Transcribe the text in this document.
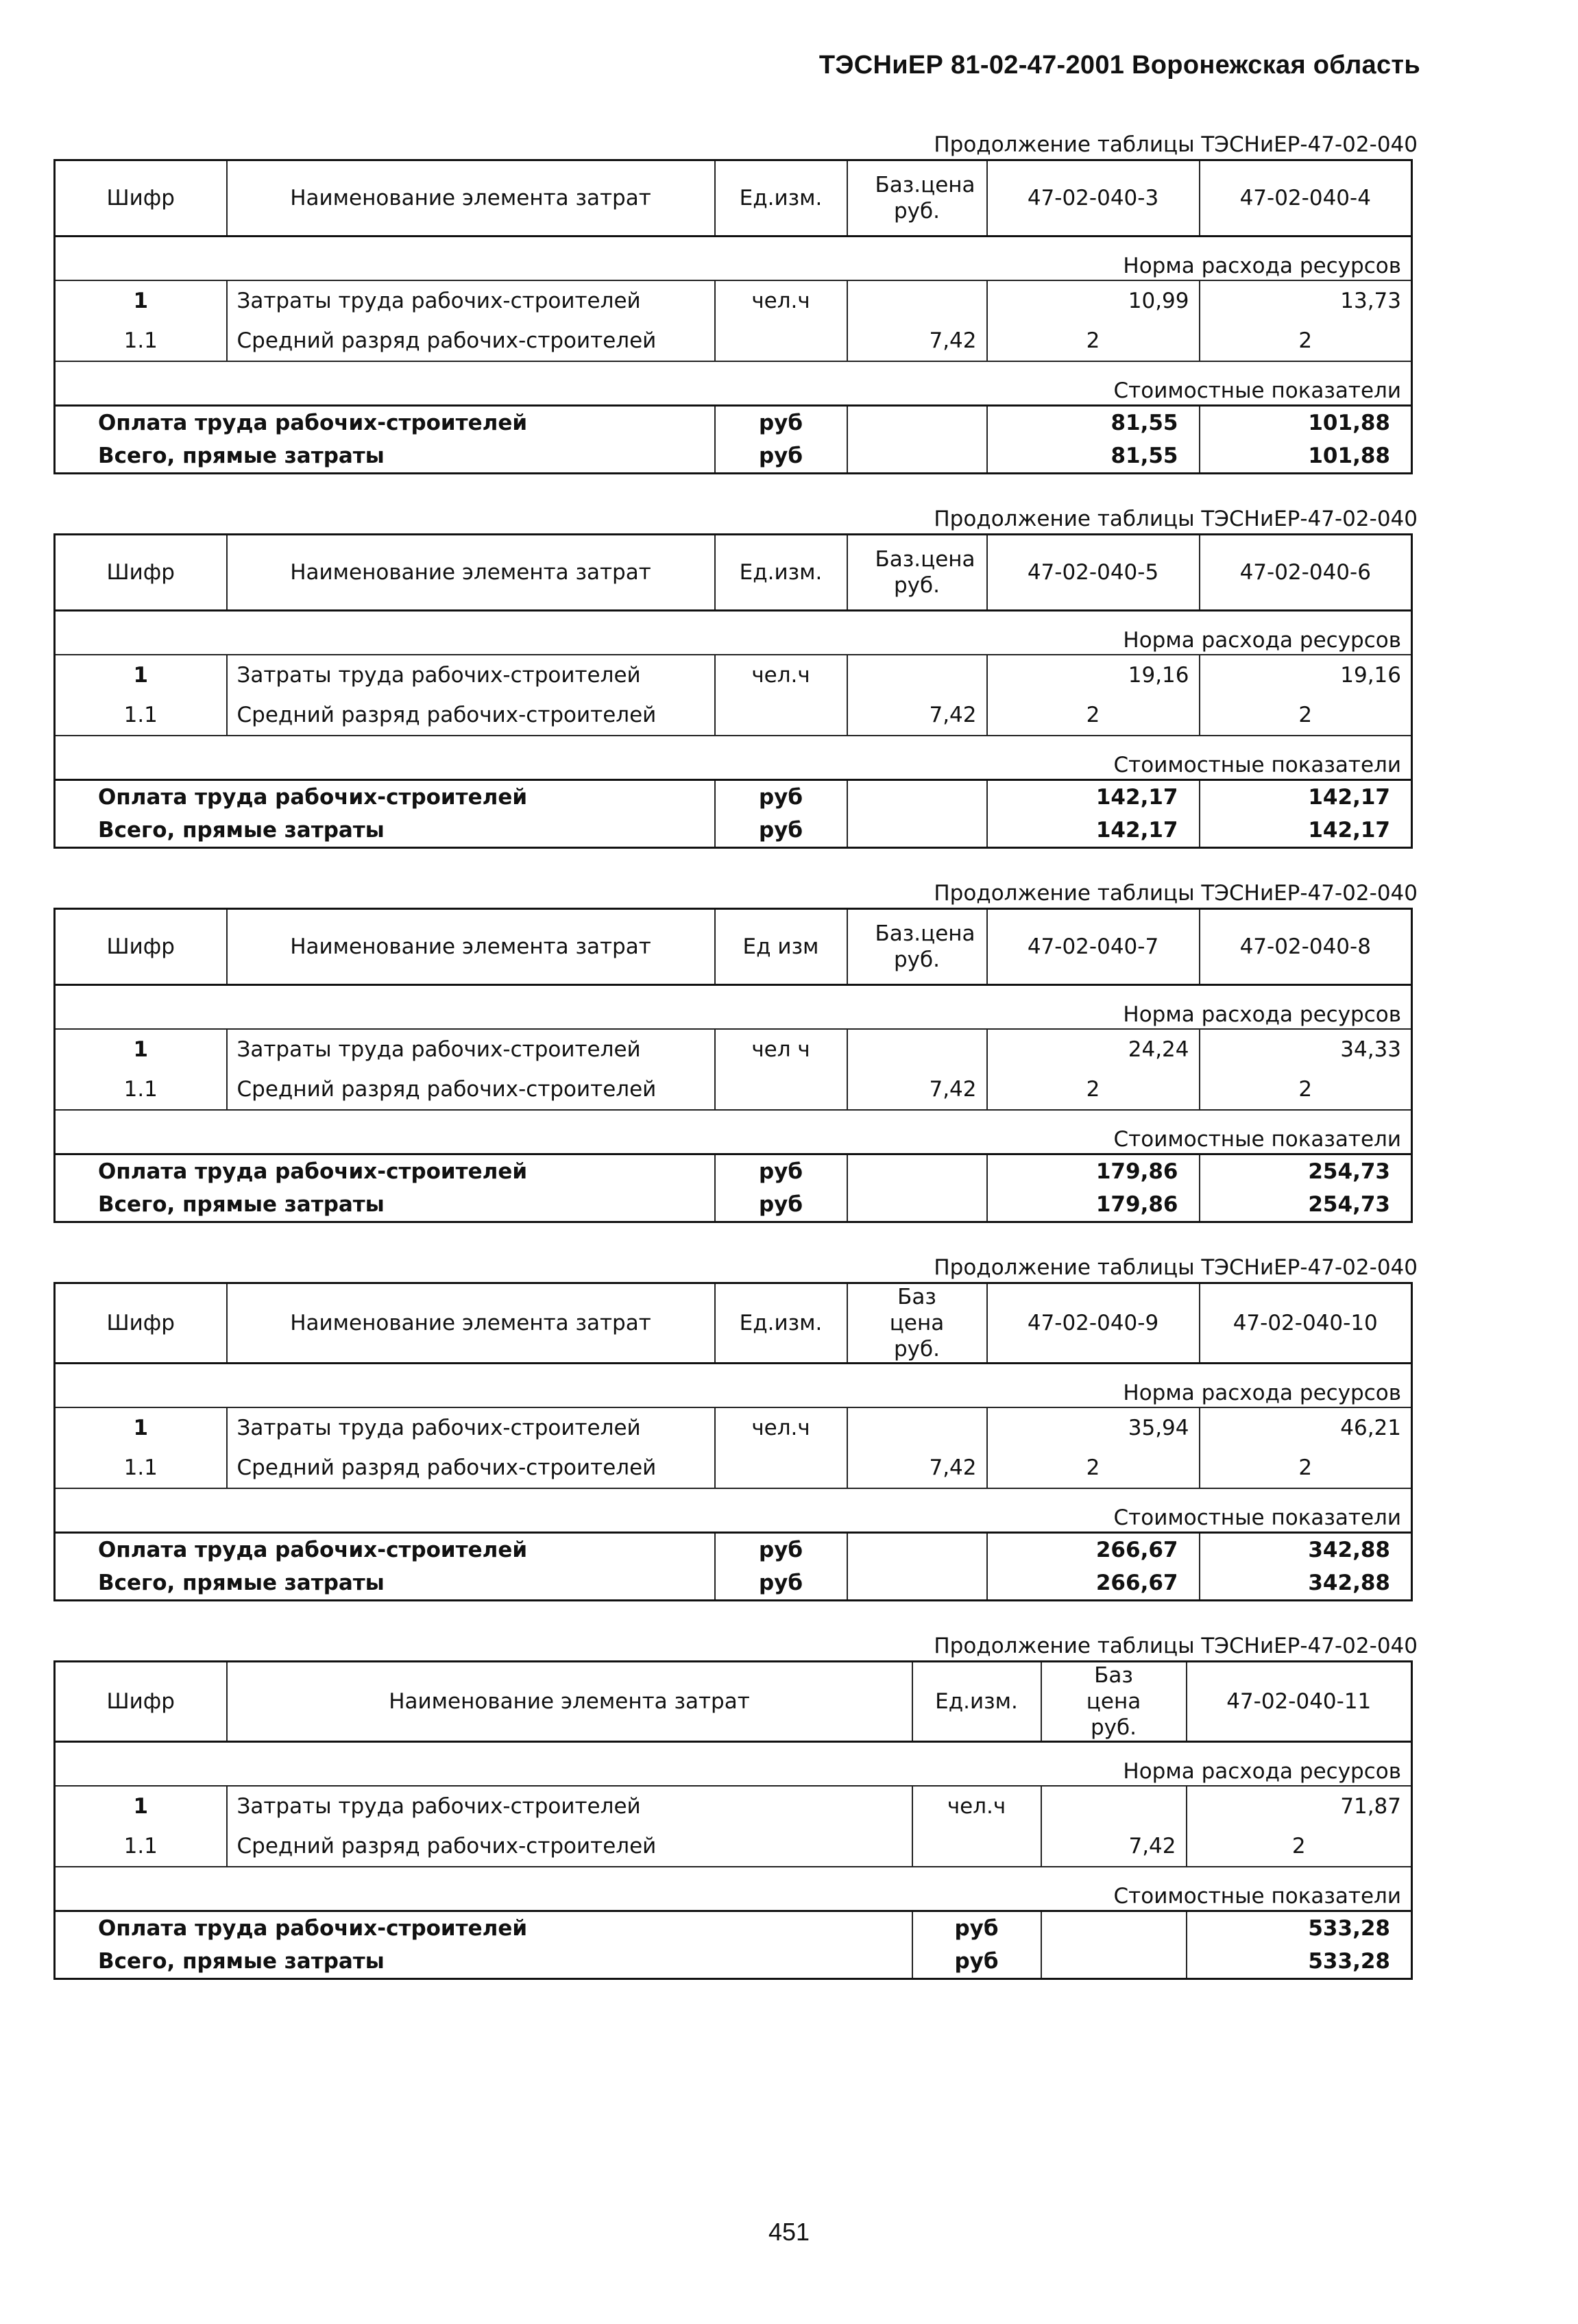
ТЭСНиЕР 81-02-47-2001 Воронежская область
Продолжение таблицы ТЭСНиЕР-47-02-040
Шифр	Наименование элемента затрат	Ед.изм.	Баз.цена руб.	47-02-040-3	47-02-040-4
Норма расхода ресурсов					
1	Затраты труда рабочих-строителей	чел.ч		10,99	13,73
1.1	Средний разряд рабочих-строителей		7,42	2	2
Стоимостные показатели					
Оплата труда рабочих-строителей		руб		81,55	101,88
Всего, прямые затраты		руб		81,55	101,88
Продолжение таблицы ТЭСНиЕР-47-02-040
Шифр	Наименование элемента затрат	Ед.изм.	Баз.цена руб.	47-02-040-5	47-02-040-6
Норма расхода ресурсов					
1	Затраты труда рабочих-строителей	чел.ч		19,16	19,16
1.1	Средний разряд рабочих-строителей		7,42	2	2
Стоимостные показатели					
Оплата труда рабочих-строителей		руб		142,17	142,17
Всего, прямые затраты		руб		142,17	142,17
Продолжение таблицы ТЭСНиЕР-47-02-040
Шифр	Наименование элемента затрат	Ед изм	Баз.цена руб.	47-02-040-7	47-02-040-8
Норма расхода ресурсов					
1	Затраты труда рабочих-строителей	чел ч		24,24	34,33
1.1	Средний разряд рабочих-строителей		7,42	2	2
Стоимостные показатели					
Оплата труда рабочих-строителей		руб		179,86	254,73
Всего, прямые затраты		руб		179,86	254,73
Продолжение таблицы ТЭСНиЕР-47-02-040
Шифр	Наименование элемента затрат	Ед.изм.	Баз цена руб.	47-02-040-9	47-02-040-10
Норма расхода ресурсов					
1	Затраты труда рабочих-строителей	чел.ч		35,94	46,21
1.1	Средний разряд рабочих-строителей		7,42	2	2
Стоимостные показатели					
Оплата труда рабочих-строителей		руб		266,67	342,88
Всего, прямые затраты		руб		266,67	342,88
Продолжение таблицы ТЭСНиЕР-47-02-040
Шифр	Наименование элемента затрат	Ед.изм.	Баз цена руб.	47-02-040-11
Норма расхода ресурсов				
1	Затраты труда рабочих-строителей	чел.ч		71,87
1.1	Средний разряд рабочих-строителей		7,42	2
Стоимостные показатели				
Оплата труда рабочих-строителей		руб		533,28
Всего, прямые затраты		руб		533,28
451
